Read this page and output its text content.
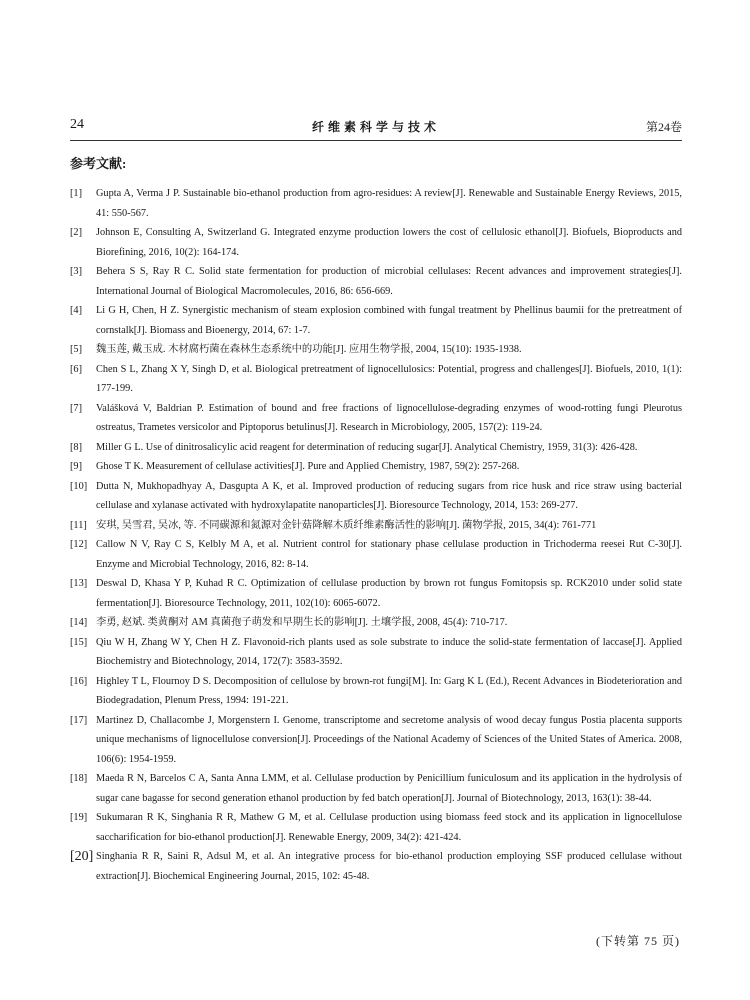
24	纤维素科学与技术	第24卷
参考文献:
[1]	Gupta A, Verma J P. Sustainable bio-ethanol production from agro-residues: A review[J]. Renewable and Sustainable Energy Reviews, 2015, 41: 550-567.
[2]	Johnson E, Consulting A, Switzerland G. Integrated enzyme production lowers the cost of cellulosic ethanol[J]. Biofuels, Bioproducts and Biorefining, 2016, 10(2): 164-174.
[3]	Behera S S, Ray R C. Solid state fermentation for production of microbial cellulases: Recent advances and improvement strategies[J]. International Journal of Biological Macromolecules, 2016, 86: 656-669.
[4]	Li G H, Chen, H Z. Synergistic mechanism of steam explosion combined with fungal treatment by Phellinus baumii for the pretreatment of cornstalk[J]. Biomass and Bioenergy, 2014, 67: 1-7.
[5]	魏玉莲, 戴玉成. 木材腐朽菌在森林生态系统中的功能[J]. 应用生物学报, 2004, 15(10): 1935-1938.
[6]	Chen S L, Zhang X Y, Singh D, et al. Biological pretreatment of lignocellulosics: Potential, progress and challenges[J]. Biofuels, 2010, 1(1): 177-199.
[7]	Valášková V, Baldrian P. Estimation of bound and free fractions of lignocellulose-degrading enzymes of wood-rotting fungi Pleurotus ostreatus, Trametes versicolor and Piptoporus betulinus[J]. Research in Microbiology, 2005, 157(2): 119-24.
[8]	Miller G L. Use of dinitrosalicylic acid reagent for determination of reducing sugar[J]. Analytical Chemistry, 1959, 31(3): 426-428.
[9]	Ghose T K. Measurement of cellulase activities[J]. Pure and Applied Chemistry, 1987, 59(2): 257-268.
[10] Dutta N, Mukhopadhyay A, Dasgupta A K, et al. Improved production of reducing sugars from rice husk and rice straw using bacterial cellulase and xylanase activated with hydroxylapatite nanoparticles[J]. Bioresource Technology, 2014, 153: 269-277.
[11] 安琪, 吴雪君, 吴冰, 等. 不同碳源和氮源对金针菇降解木质纤维素酶活性的影响[J]. 菌物学报, 2015, 34(4): 761-771
[12] Callow N V, Ray C S, Kelbly M A, et al. Nutrient control for stationary phase cellulase production in Trichoderma reesei Rut C-30[J]. Enzyme and Microbial Technology, 2016, 82: 8-14.
[13] Deswal D, Khasa Y P, Kuhad R C. Optimization of cellulase production by brown rot fungus Fomitopsis sp. RCK2010 under solid state fermentation[J]. Bioresource Technology, 2011, 102(10): 6065-6072.
[14] 李勇, 赵斌. 类黄酮对 AM 真菌孢子萌发和早期生长的影响[J]. 土壤学报, 2008, 45(4): 710-717.
[15] Qiu W H, Zhang W Y, Chen H Z. Flavonoid-rich plants used as sole substrate to induce the solid-state fermentation of laccase[J]. Applied Biochemistry and Biotechnology, 2014, 172(7): 3583-3592.
[16] Highley T L, Flournoy D S. Decomposition of cellulose by brown-rot fungi[M]. In: Garg K L (Ed.), Recent Advances in Biodeterioration and Biodegradation, Plenum Press, 1994: 191-221.
[17] Martinez D, Challacombe J, Morgenstern I. Genome, transcriptome and secretome analysis of wood decay fungus Postia placenta supports unique mechanisms of lignocellulose conversion[J]. Proceedings of the National Academy of Sciences of the United States of America. 2008, 106(6): 1954-1959.
[18] Maeda R N, Barcelos C A, Santa Anna LMM, et al. Cellulase production by Penicillium funiculosum and its application in the hydrolysis of sugar cane bagasse for second generation ethanol production by fed batch operation[J]. Journal of Biotechnology, 2013, 163(1): 38-44.
[19] Sukumaran R K, Singhania R R, Mathew G M, et al. Cellulase production using biomass feed stock and its application in lignocellulose saccharification for bio-ethanol production[J]. Renewable Energy, 2009, 34(2): 421-424.
[20] Singhania R R, Saini R, Adsul M, et al. An integrative process for bio-ethanol production employing SSF produced cellulase without extraction[J]. Biochemical Engineering Journal, 2015, 102: 45-48.
(下转第 75 页)
